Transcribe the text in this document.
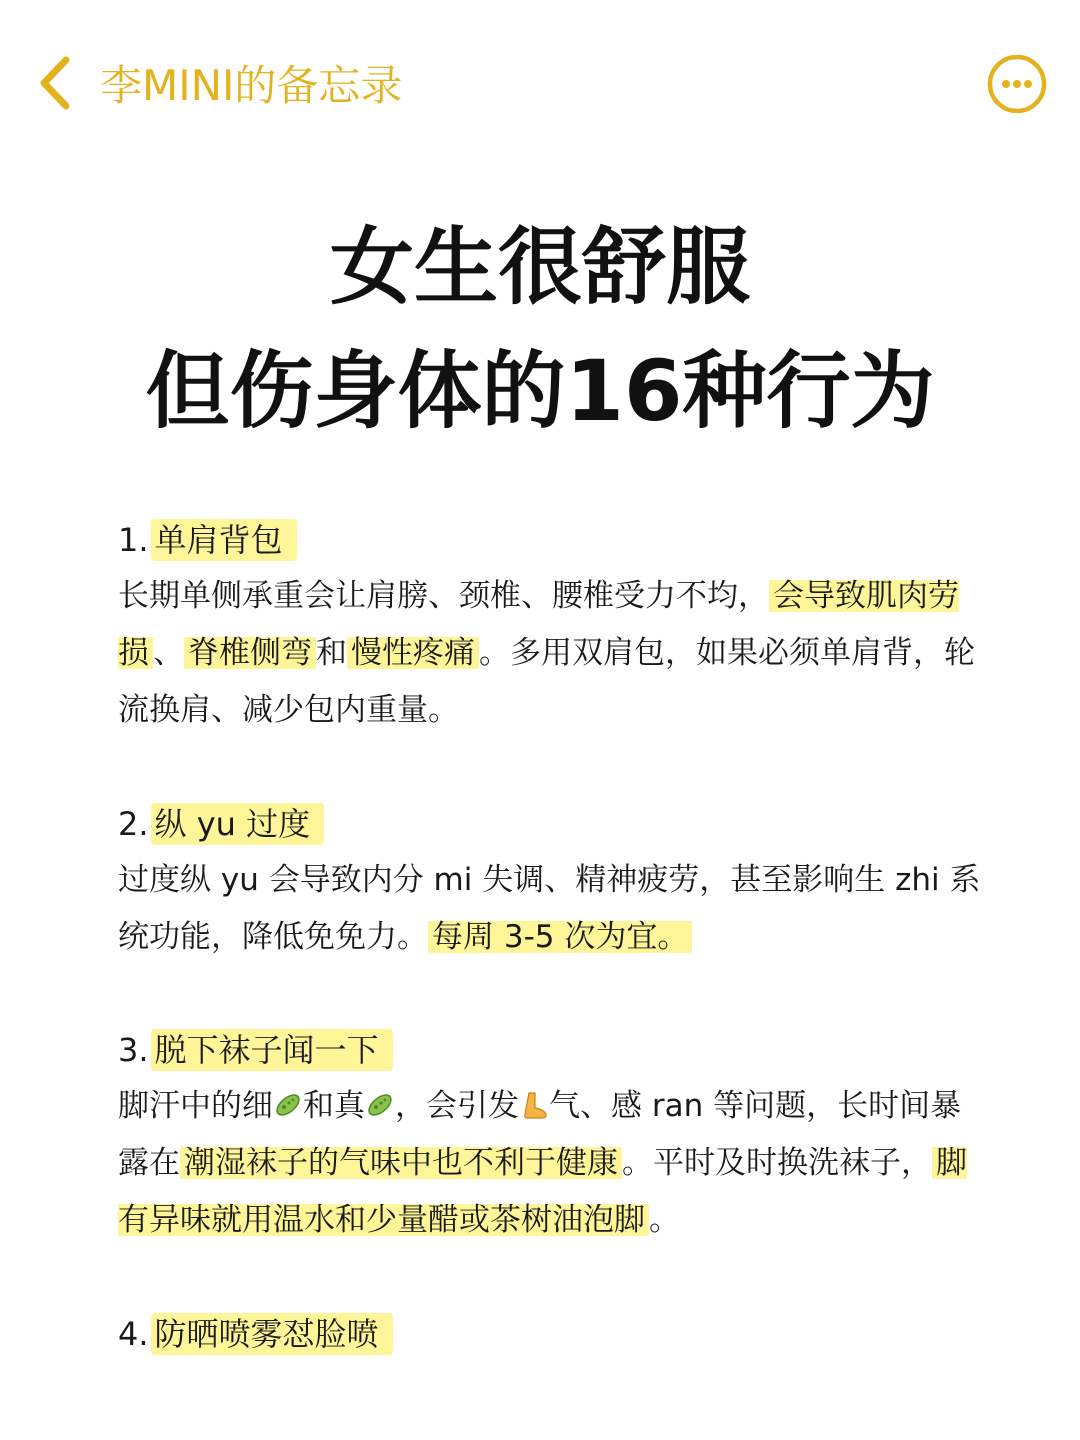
李MINI的备忘录
女生很舒服
但伤身体的16种行为
1. 单肩背包
长期单侧承重会让肩膀、颈椎、腰椎受力不均， 会导致肌肉劳损 、 脊椎侧弯 和 慢性疼痛 。多用双肩包，如果必须单肩背，轮流换肩、减少包内重量。
2. 纵 yu 过度
过度纵 yu 会导致内分 mi 失调、精神疲劳，甚至影响生 zhi 系统功能，降低免免力。 每周 3-5 次为宜。
3. 脱下袜子闻一下
脚汗中的细 和真 ，会引发 气、感 ran 等问题，长时间暴露在 潮湿袜子的气味中也不利于健康 。平时及时换洗袜子， 脚有异味就用温水和少量醋或茶树油泡脚 。
4. 防晒喷雾怼脸喷
